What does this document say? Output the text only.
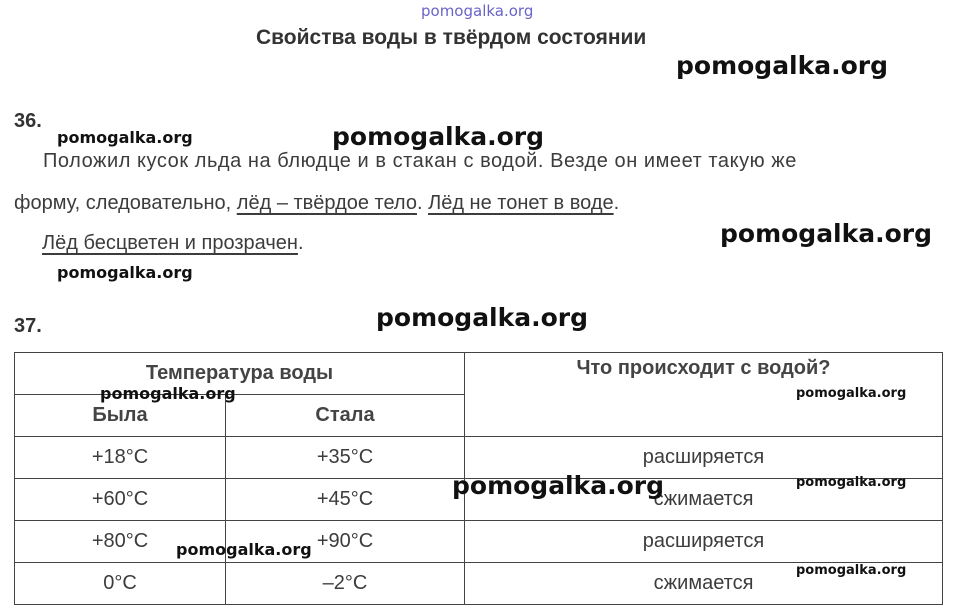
pomogalka.org
Свойства воды в твёрдом состоянии
pomogalka.org
pomogalka.org	pomogalka.org
pomogalka.org
pomogalka.org
pomogalka.org
36.
Положил кусок льда на блюдце и в стакан с водой. Везде он имеет такую же
форму, следовательно, лёд – твёрдое тело. Лёд не тонет в воде.
Лёд бесцветен и прозрачен.
37.
Температура воды		Что происходит с водой?
Была	Стала	
+18°C	+35°C	расширяется
+60°C	+45°C	сжимается
+80°C	+90°C	расширяется
0°C	–2°C	сжимается
pomogalka.org	pomogalka.org
pomogalka.org	pomogalka.org
pomogalka.org
pomogalka.org
